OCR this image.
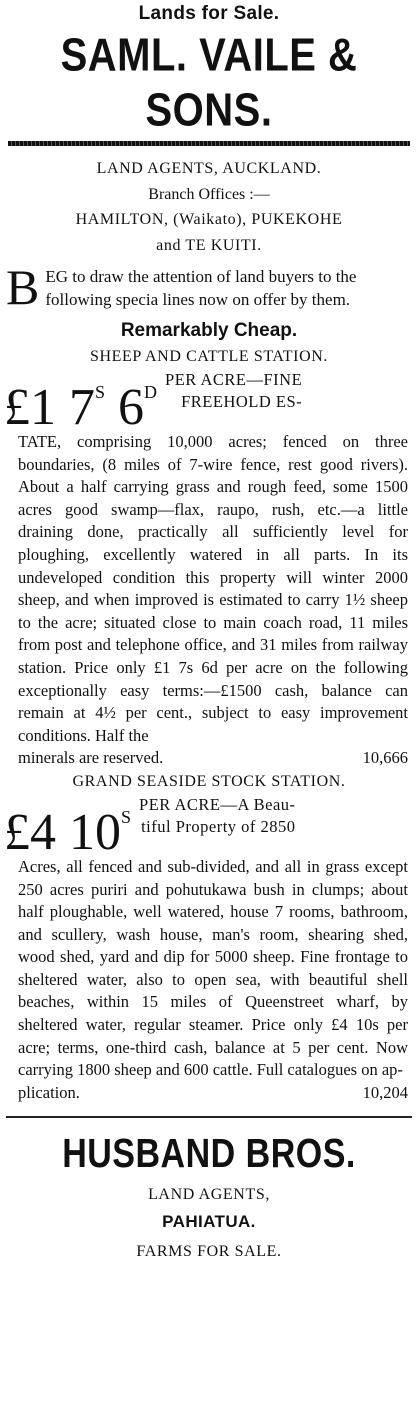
Lands for Sale.
SAML. VAILE & SONS.
LAND AGENTS, AUCKLAND.
Branch Offices :—
HAMILTON, (Waikato), PUKEKOHE
and TE KUITI.
B EG to draw the attention of land buyers to the following specia lines now on offer by them.
Remarkably Cheap.
SHEEP AND CATTLE STATION.
£1 $7^S$ $6^D$
PER ACRE—FINE
FREEHOLD ES-
TATE, comprising 10,000 acres; fenced on three boundaries, (8 miles of 7-wire fence, rest good rivers). About a half carrying grass and rough feed, some 1500 acres good swamp—flax, raupo, rush, etc.—a little draining done, practically all sufficiently level for ploughing, excellently watered in all parts. In its undeveloped condition this property will winter 2000 sheep, and when improved is estimated to carry 1½ sheep to the acre; situated close to main coach road, 11 miles from post and telephone office, and 31 miles from railway station. Price only £1 7s 6d per acre on the following exceptionally easy terms:—£1500 cash, balance can remain at 4½ per cent., subject to easy improvement conditions. Half the
minerals are reserved.	10,666
GRAND SEASIDE STOCK STATION.
£4 $10^S$
PER ACRE—A Beau-
tiful Property of 2850
Acres, all fenced and sub-divided, and all in grass except 250 acres puriri and pohutukawa bush in clumps; about half ploughable, well watered, house 7 rooms, bathroom, and scullery, wash house, man's room, shearing shed, wood shed, yard and dip for 5000 sheep. Fine frontage to sheltered water, also to open sea, with beautiful shell beaches, within 15 miles of Queenstreet wharf, by sheltered water, regular steamer. Price only £4 10s per acre; terms, one-third cash, balance at 5 per cent. Now carrying 1800 sheep and 600 cattle. Full catalogues on ap-
plication.	10,204
HUSBAND BROS.
LAND AGENTS,
PAHIATUA.
FARMS FOR SALE.
